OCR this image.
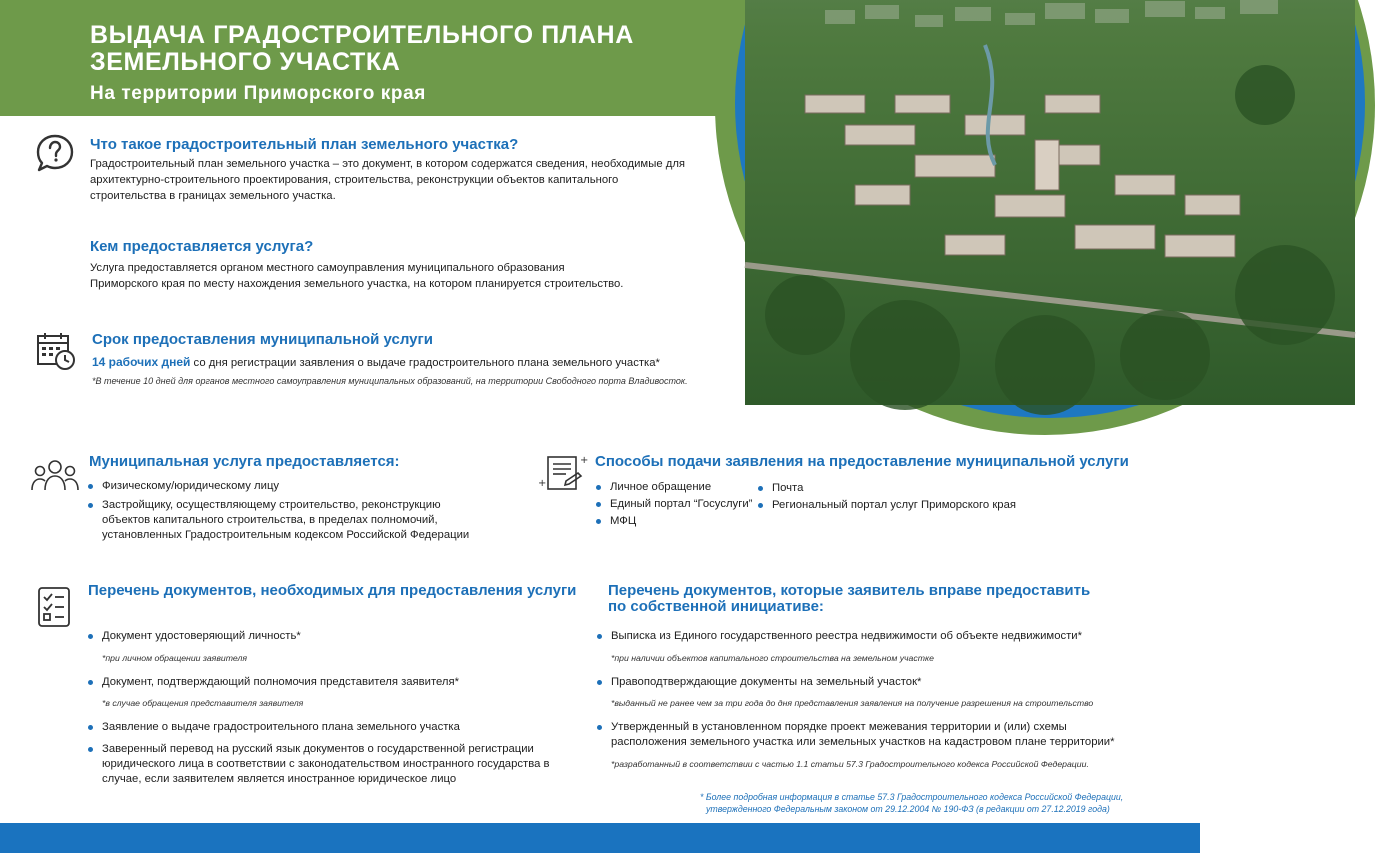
ВЫДАЧА ГРАДОСТРОИТЕЛЬНОГО ПЛАНА ЗЕМЕЛЬНОГО УЧАСТКА
На территории Приморского края
Что такое градостроительный план земельного участка?
Градостроительный план земельного участка – это документ, в котором содержатся сведения, необходимые для архитектурно-строительного проектирования, строительства, реконструкции объектов капитального строительства в границах земельного участка.
Кем предоставляется услуга?
Услуга предоставляется органом местного самоуправления муниципального образования
Приморского края по месту нахождения земельного участка, на котором планируется строительство.
Срок предоставления муниципальной услуги
14 рабочих дней со дня регистрации заявления о выдаче градостроительного плана земельного участка*
*В течение 10 дней для органов местного самоуправления муниципальных образований, на территории Свободного порта Владивосток.
Муниципальная услуга предоставляется:
Физическому/юридическому лицу
Застройщику, осуществляющему строительство, реконструкцию объектов капитального строительства, в пределах полномочий, установленных Градостроительным кодексом Российской Федерации
+
+
Способы подачи заявления на предоставление муниципальной услуги
Личное обращение
Единый портал “Госуслуги”
МФЦ
Почта
Региональный портал услуг Приморского края
Перечень документов, необходимых для предоставления услуги
Документ удостоверяющий личность*
*при личном обращении заявителя
Документ, подтверждающий полномочия представителя заявителя*
*в случае обращения представителя заявителя
Заявление о выдаче градостроительного плана земельного участка
Заверенный перевод на русский язык документов о государственной регистрации юридического лица в соответствии с законодательством иностранного государства в случае, если заявителем является иностранное юридическое лицо
Перечень документов, которые заявитель вправе предоставить
по собственной инициативе:
Выписка из Единого государственного реестра недвижимости об объекте недвижимости*
*при наличии объектов капитального строительства на земельном участке
Правоподтверждающие документы на земельный участок*
*выданный не ранее чем за три года до дня представления заявления на получение разрешения на строительство
Утвержденный в установленном порядке проект межевания территории и (или) схемы расположения земельного участка или земельных участков на кадастровом плане территории*
*разработанный в соответствии с частью 1.1 статьи 57.3 Градостроительного кодекса Российской Федерации.
* Более подробная информация в статье 57.3 Градостроительного кодекса Российской Федерации,
утвержденного Федеральным законом от 29.12.2004 № 190-ФЗ (в редакции от 27.12.2019 года)
